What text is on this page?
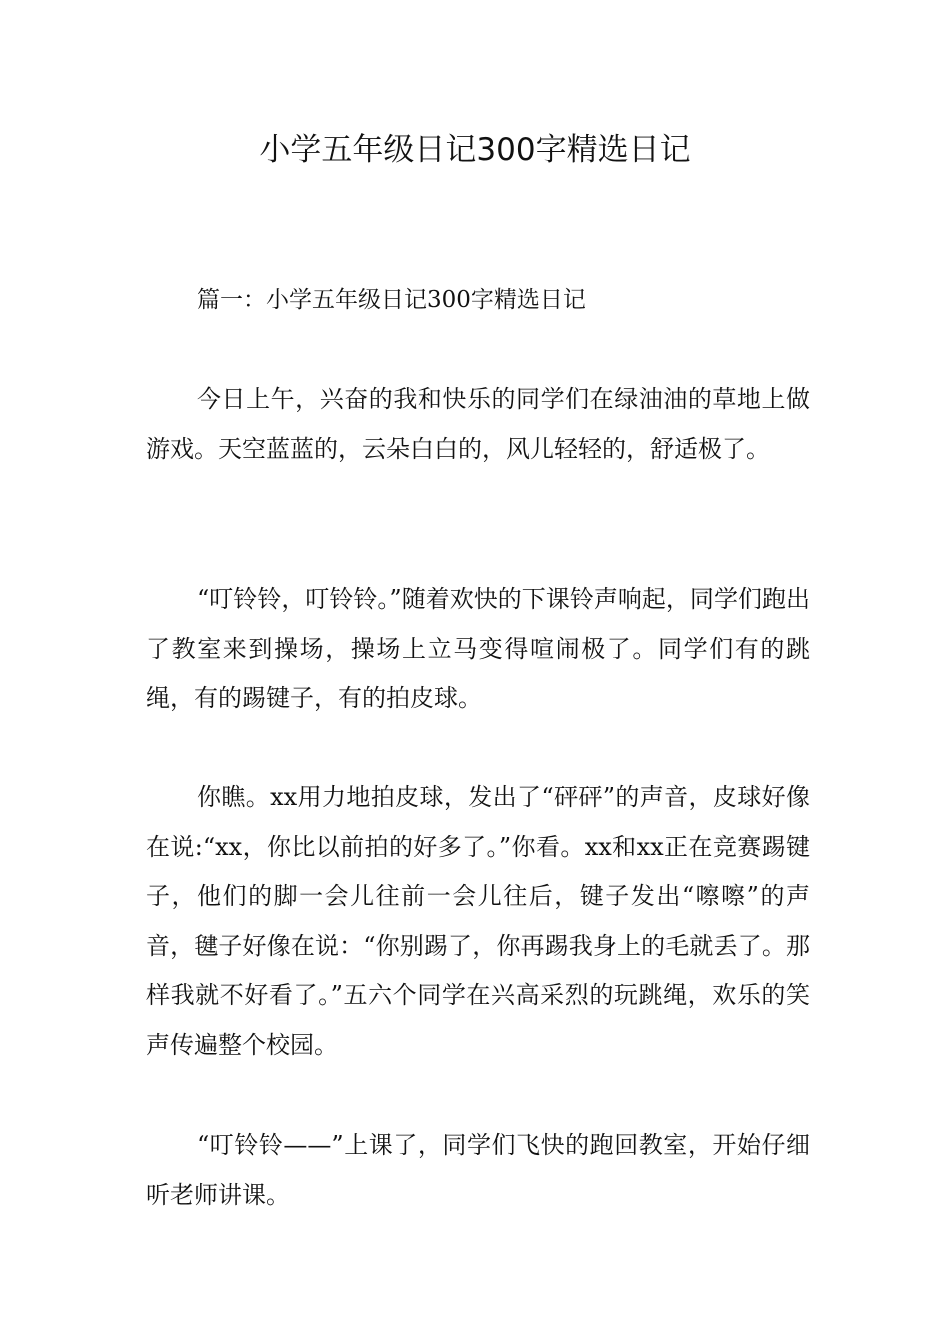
小学五年级日记300字精选日记
篇一：小学五年级日记300字精选日记
今日上午，兴奋的我和快乐的同学们在绿油油的草地上做游戏。天空蓝蓝的，云朵白白的，风儿轻轻的，舒适极了。
“叮铃铃，叮铃铃。”随着欢快的下课铃声响起，同学们跑出了教室来到操场，操场上立马变得喧闹极了。同学们有的跳绳，有的踢键子，有的拍皮球。
你瞧。xx用力地拍皮球，发出了“砰砰”的声音，皮球好像在说:“xx，你比以前拍的好多了。”你看。xx和xx正在竞赛踢键子，他们的脚一会儿往前一会儿往后，键子发出“嚓嚓”的声音，毽子好像在说：“你别踢了，你再踢我身上的毛就丢了。那样我就不好看了。”五六个同学在兴高采烈的玩跳绳，欢乐的笑声传遍整个校园。
“叮铃铃——”上课了，同学们飞快的跑回教室，开始仔细听老师讲课。
